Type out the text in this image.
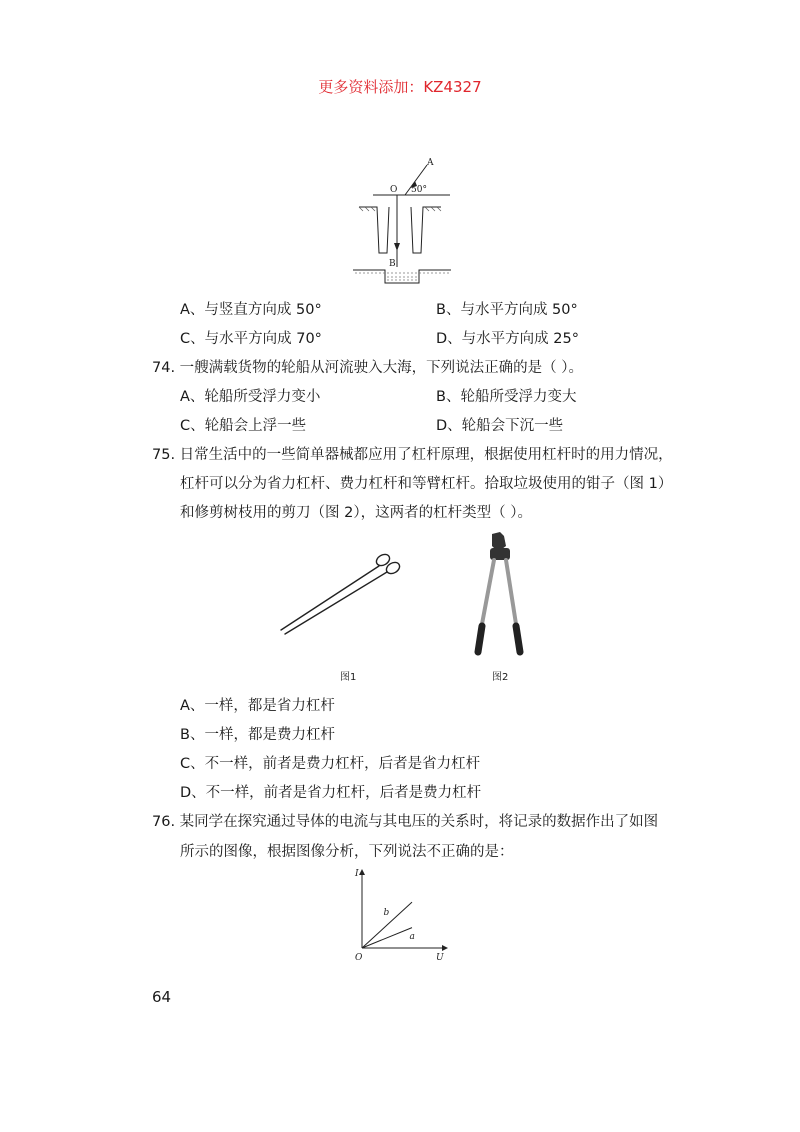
更多资料添加：KZ4327
A
O 50°
B
A、与竖直方向成 50°	B、与水平方向成 50°
C、与水平方向成 70°	D、与水平方向成 25°
74. 一艘满载货物的轮船从河流驶入大海，下列说法正确的是（ ）。
A、轮船所受浮力变小	B、轮船所受浮力变大
C、轮船会上浮一些	D、轮船会下沉一些
75. 日常生活中的一些简单器械都应用了杠杆原理，根据使用杠杆时的用力情况，
杠杆可以分为省力杠杆、费力杠杆和等臂杠杆。拾取垃圾使用的钳子（图 1）
和修剪树枝用的剪刀（图 2），这两者的杠杆类型（ ）。
图1	图2
A、一样，都是省力杠杆
B、一样，都是费力杠杆
C、不一样，前者是费力杠杆，后者是省力杠杆
D、不一样，前者是省力杠杆，后者是费力杠杆
76. 某同学在探究通过导体的电流与其电压的关系时，将记录的数据作出了如图
所示的图像，根据图像分析，下列说法不正确的是：
b
a
I
U
O
64
